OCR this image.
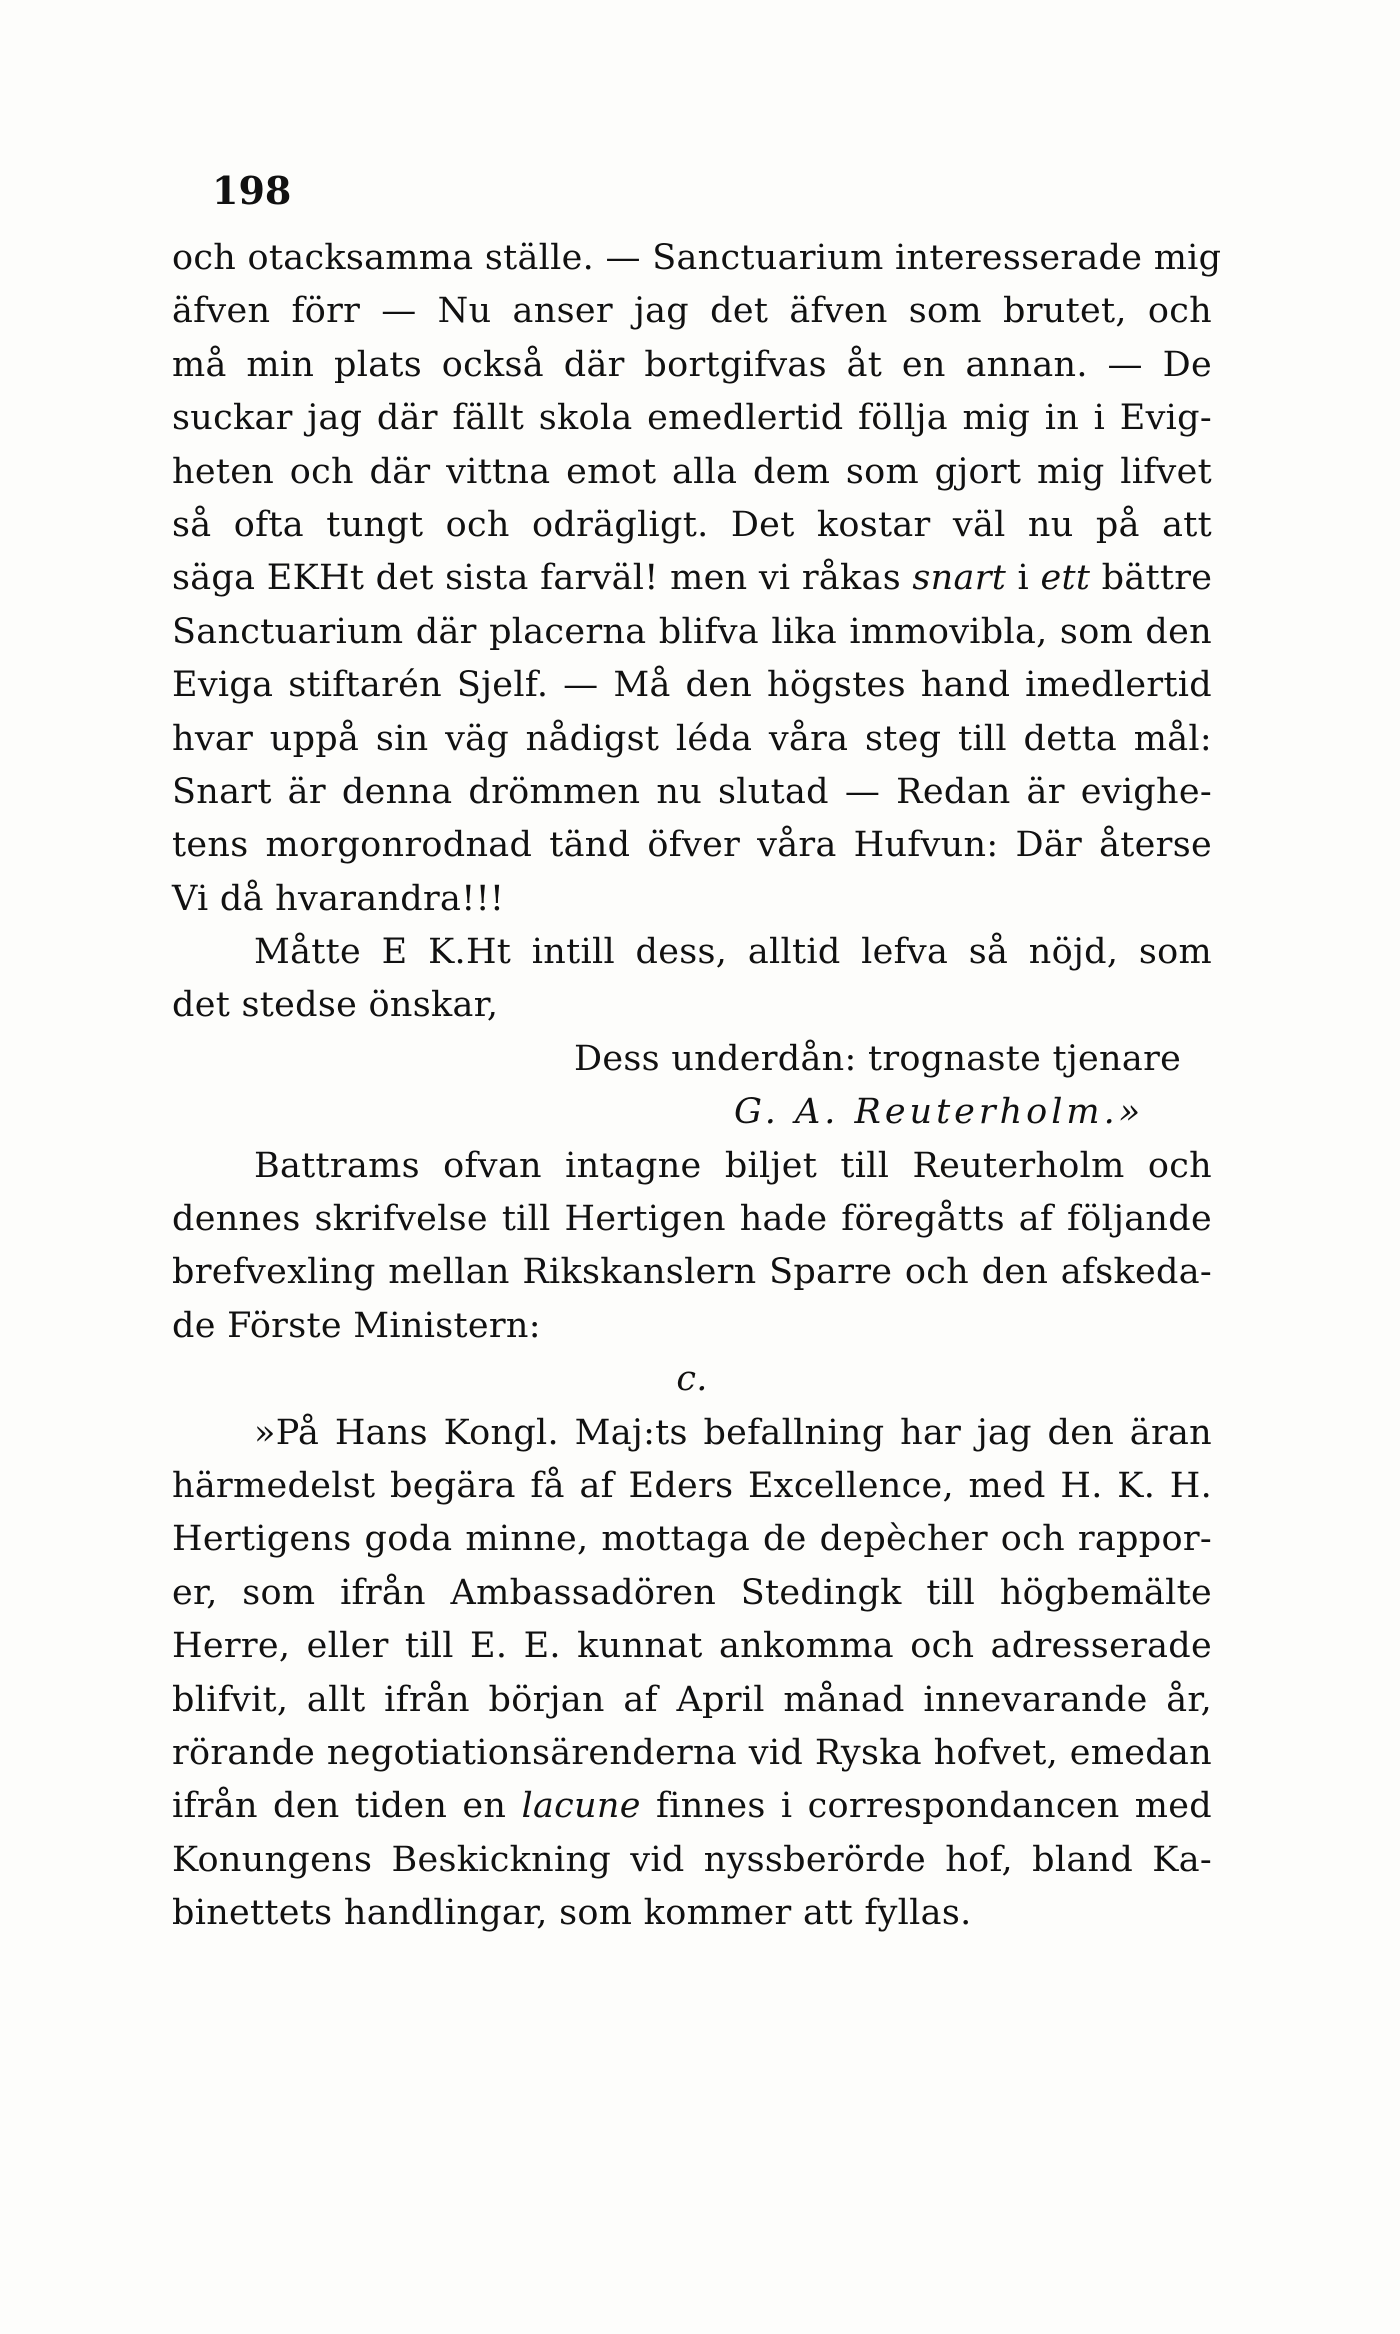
198
och otacksamma ställe. — Sanctuarium interesserade mig
äfven förr — Nu anser jag det äfven som brutet, och
må min plats också där bortgifvas åt en annan. — De
suckar jag där fällt skola emedlertid föllja mig in i Evig-
heten och där vittna emot alla dem som gjort mig lifvet
så ofta tungt och odrägligt. Det kostar väl nu på att
säga EKHt det sista farväl! men vi råkas snart i ett bättre
Sanctuarium där placerna blifva lika immovibla, som den
Eviga stiftarén Sjelf. — Må den högstes hand imedlertid
hvar uppå sin väg nådigst léda våra steg till detta mål:
Snart är denna drömmen nu slutad — Redan är evighe-
tens morgonrodnad tänd öfver våra Hufvun: Där återse
Vi då hvarandra!!!
Måtte E K.Ht intill dess, alltid lefva så nöjd, som
det stedse önskar,
Dess underdån: trognaste tjenare
G. A. Reuterholm.»
Battrams ofvan intagne biljet till Reuterholm och
dennes skrifvelse till Hertigen hade föregåtts af följande
brefvexling mellan Rikskanslern Sparre och den afskeda-
de Förste Ministern:
c.
»På Hans Kongl. Maj:ts befallning har jag den äran
härmedelst begära få af Eders Excellence, med H. K. H.
Hertigens goda minne, mottaga de depècher och rappor-
er, som ifrån Ambassadören Stedingk till högbemälte
Herre, eller till E. E. kunnat ankomma och adresserade
blifvit, allt ifrån början af April månad innevarande år,
rörande negotiationsärenderna vid Ryska hofvet, emedan
ifrån den tiden en lacune finnes i correspondancen med
Konungens Beskickning vid nyssberörde hof, bland Ka-
binettets handlingar, som kommer att fyllas.
